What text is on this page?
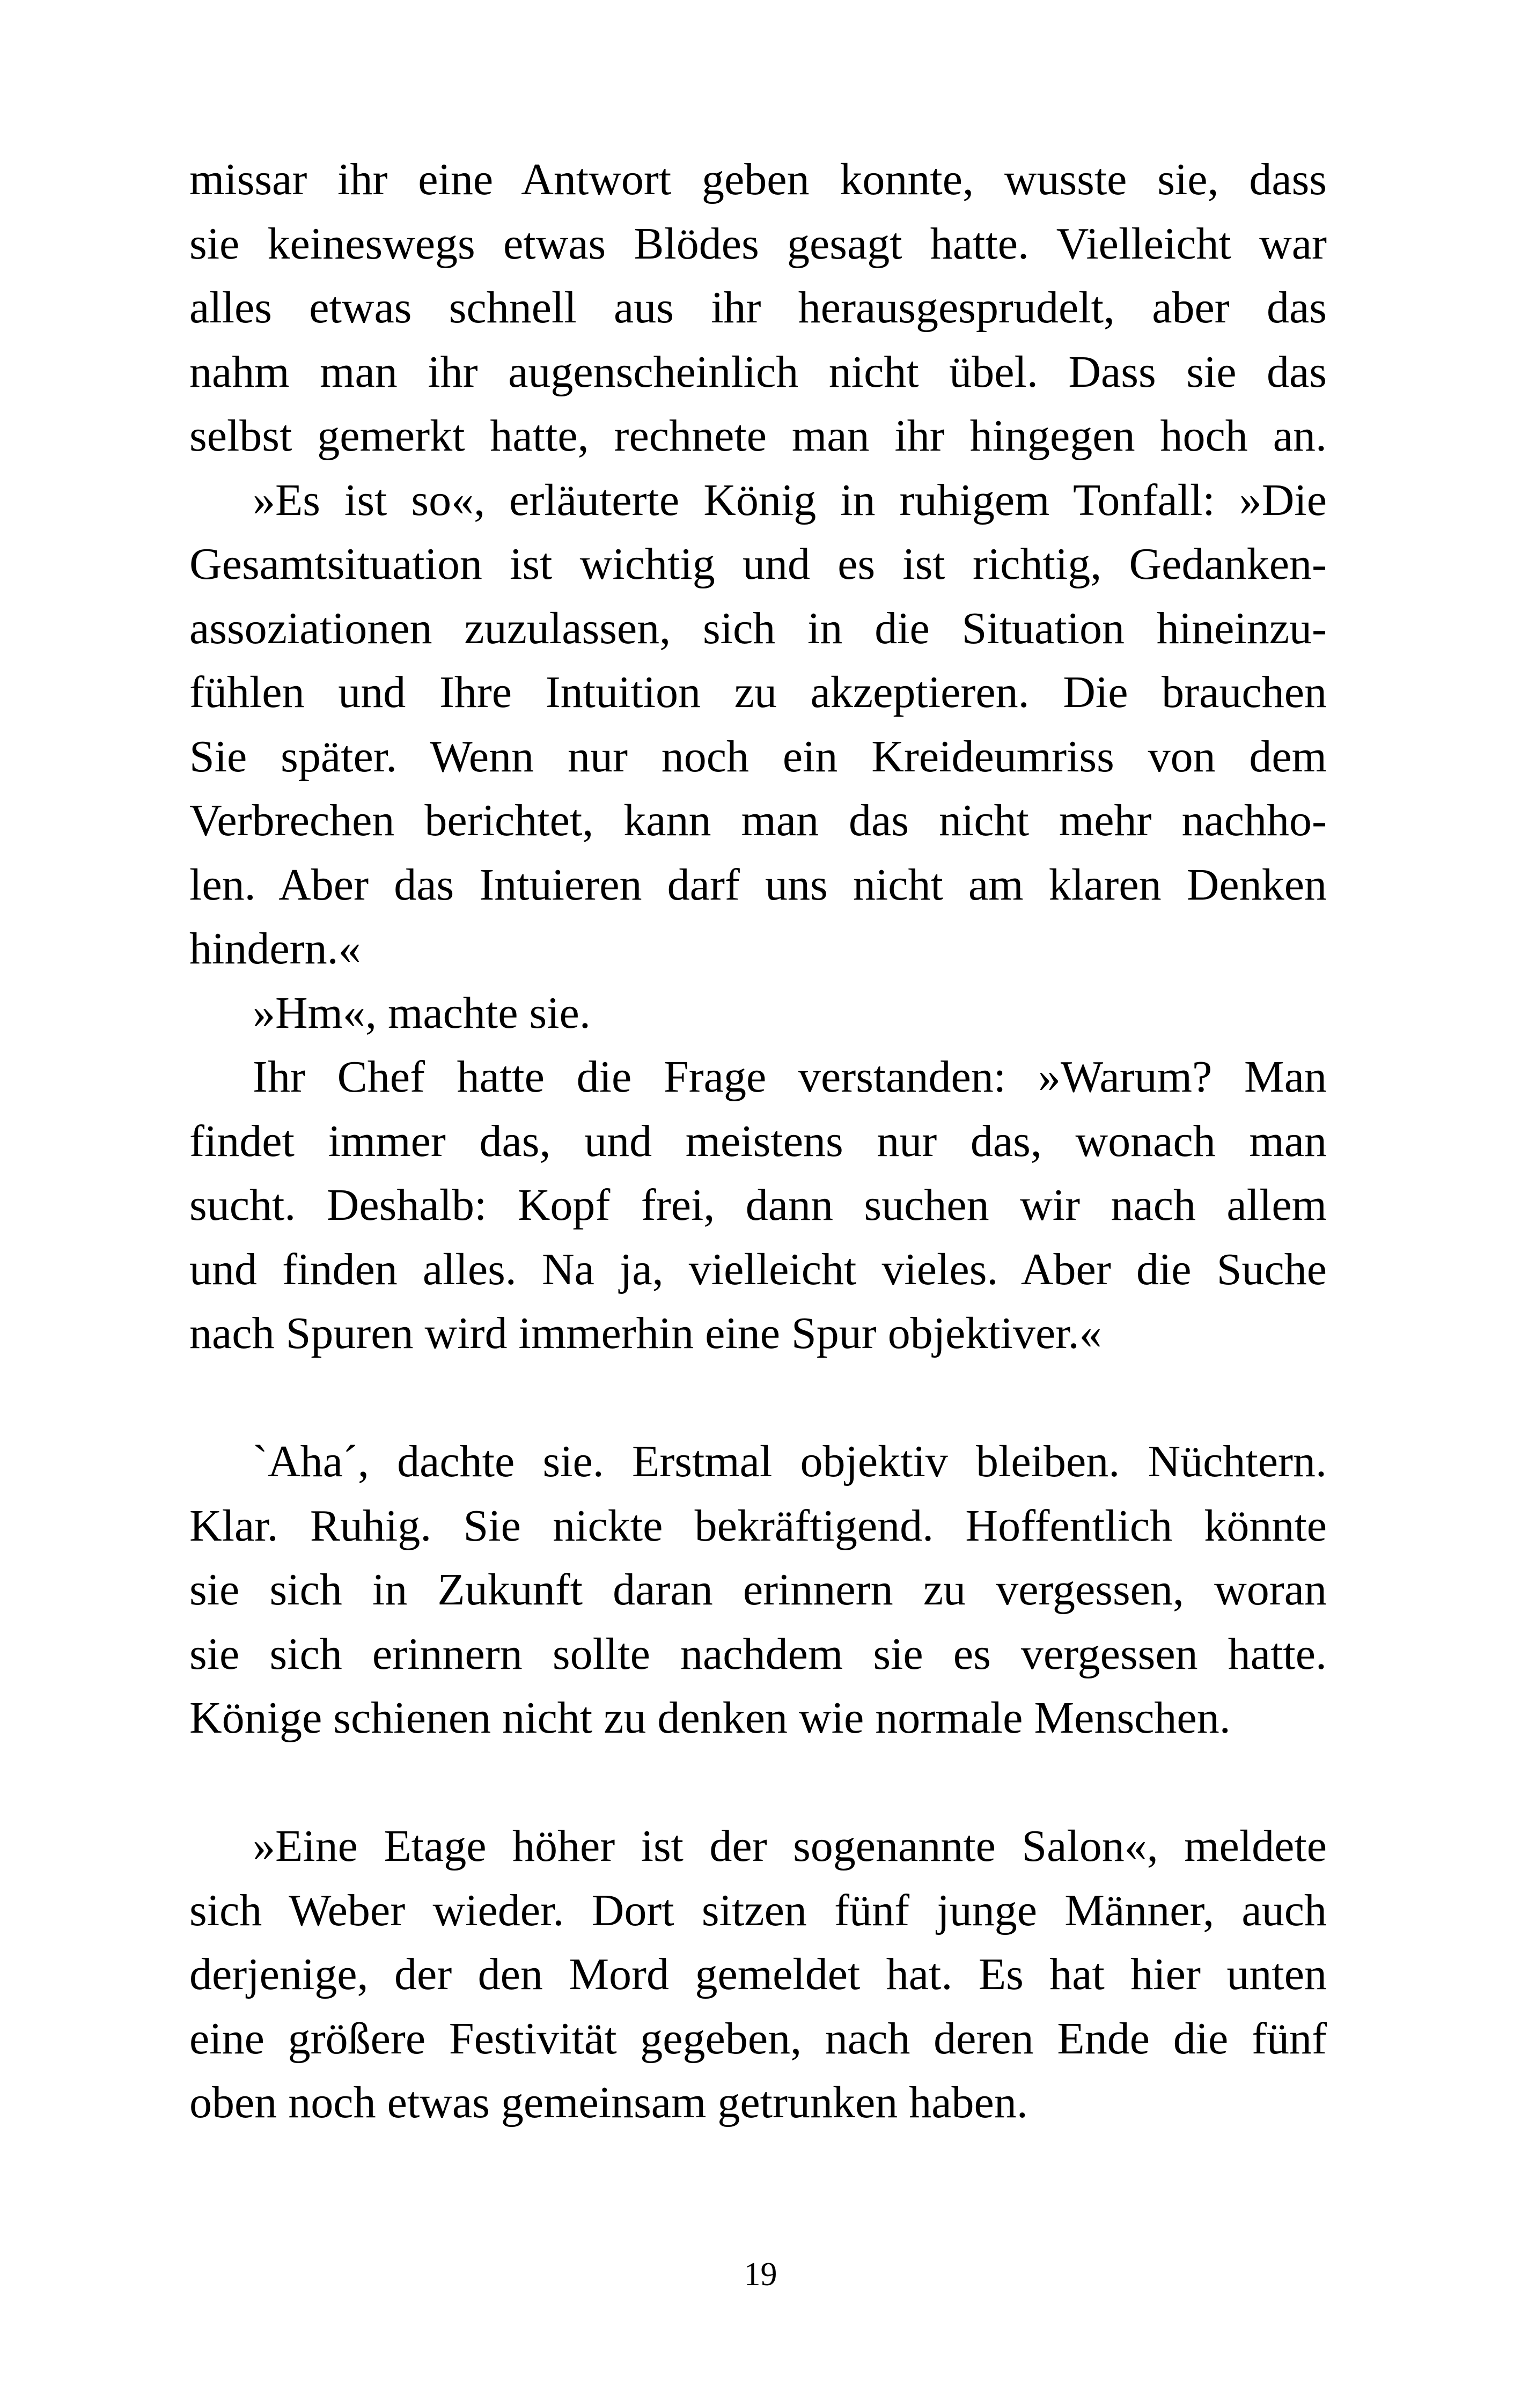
missar ihr eine Antwort geben konnte, wusste sie, dass
sie keineswegs etwas Blödes gesagt hatte. Vielleicht war
alles etwas schnell aus ihr herausgesprudelt, aber das
nahm man ihr augenscheinlich nicht übel. Dass sie das
selbst gemerkt hatte, rechnete man ihr hingegen hoch an.
»Es ist so«, erläuterte König in ruhigem Tonfall: »Die
Gesamtsituation ist wichtig und es ist richtig, Gedanken-
assoziationen zuzulassen, sich in die Situation hineinzu-
fühlen und Ihre Intuition zu akzeptieren. Die brauchen
Sie später. Wenn nur noch ein Kreideumriss von dem
Verbrechen berichtet, kann man das nicht mehr nachho-
len. Aber das Intuieren darf uns nicht am klaren Denken
hindern.«
»Hm«, machte sie.
Ihr Chef hatte die Frage verstanden: »Warum? Man
findet immer das, und meistens nur das, wonach man
sucht. Deshalb: Kopf frei, dann suchen wir nach allem
und finden alles. Na ja, vielleicht vieles. Aber die Suche
nach Spuren wird immerhin eine Spur objektiver.«
`Aha´, dachte sie. Erstmal objektiv bleiben. Nüchtern.
Klar. Ruhig. Sie nickte bekräftigend. Hoffentlich könnte
sie sich in Zukunft daran erinnern zu vergessen, woran
sie sich erinnern sollte nachdem sie es vergessen hatte.
Könige schienen nicht zu denken wie normale Menschen.
»Eine Etage höher ist der sogenannte Salon«, meldete
sich Weber wieder. Dort sitzen fünf junge Männer, auch
derjenige, der den Mord gemeldet hat. Es hat hier unten
eine größere Festivität gegeben, nach deren Ende die fünf
oben noch etwas gemeinsam getrunken haben.
19
